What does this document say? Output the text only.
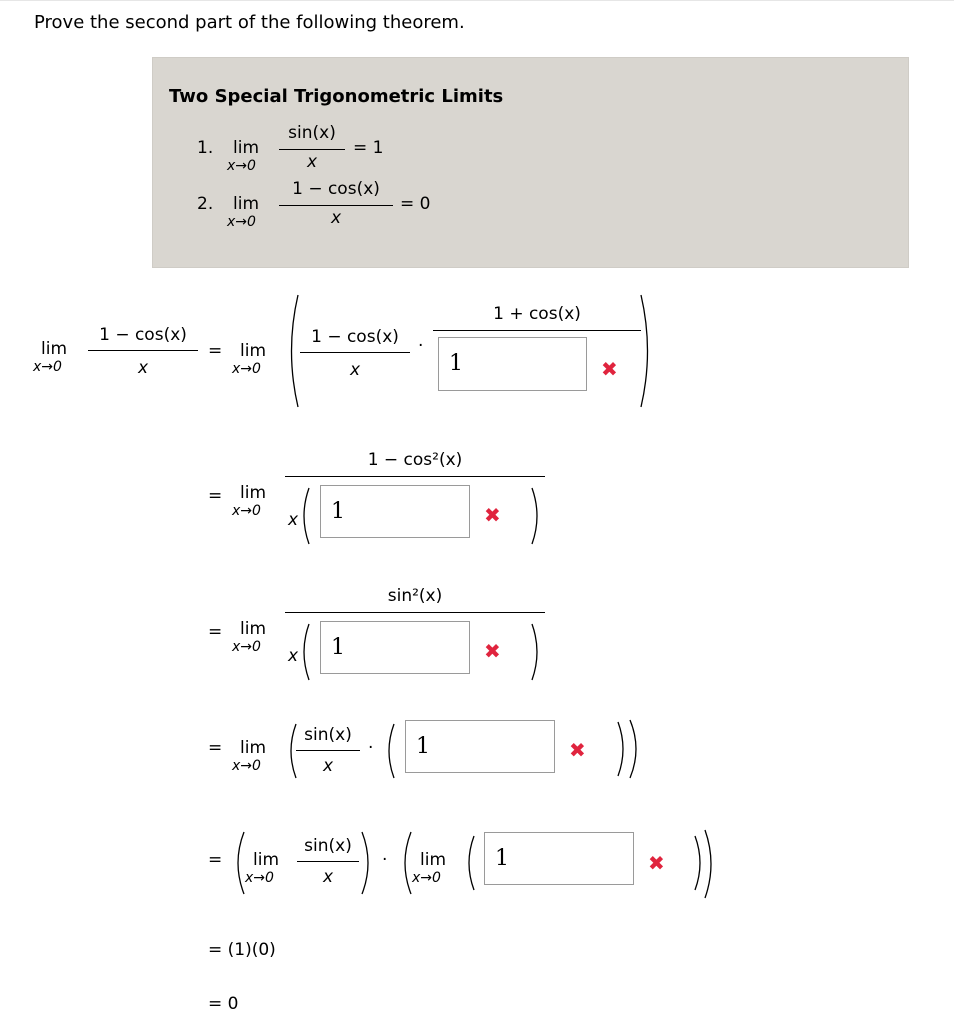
Prove the second part of the following theorem.
Two Special Trigonometric Limits
1. lim
x→0
sin(x)
x
= 1
2. lim
x→0
1 − cos(x)
x
= 0
lim
x→0
1 − cos(x)
x
= lim
x→0
1 − cos(x)
x
·
1 + cos(x)
1	✖
= lim
x→0
1 − cos²(x)
x 1	✖
= lim
x→0
sin²(x)
x 1	✖
= lim
x→0
sin(x)
x
· 1	✖
= lim
x→0
sin(x)
x
· lim
x→0
1	✖
= (1)(0)
= 0
